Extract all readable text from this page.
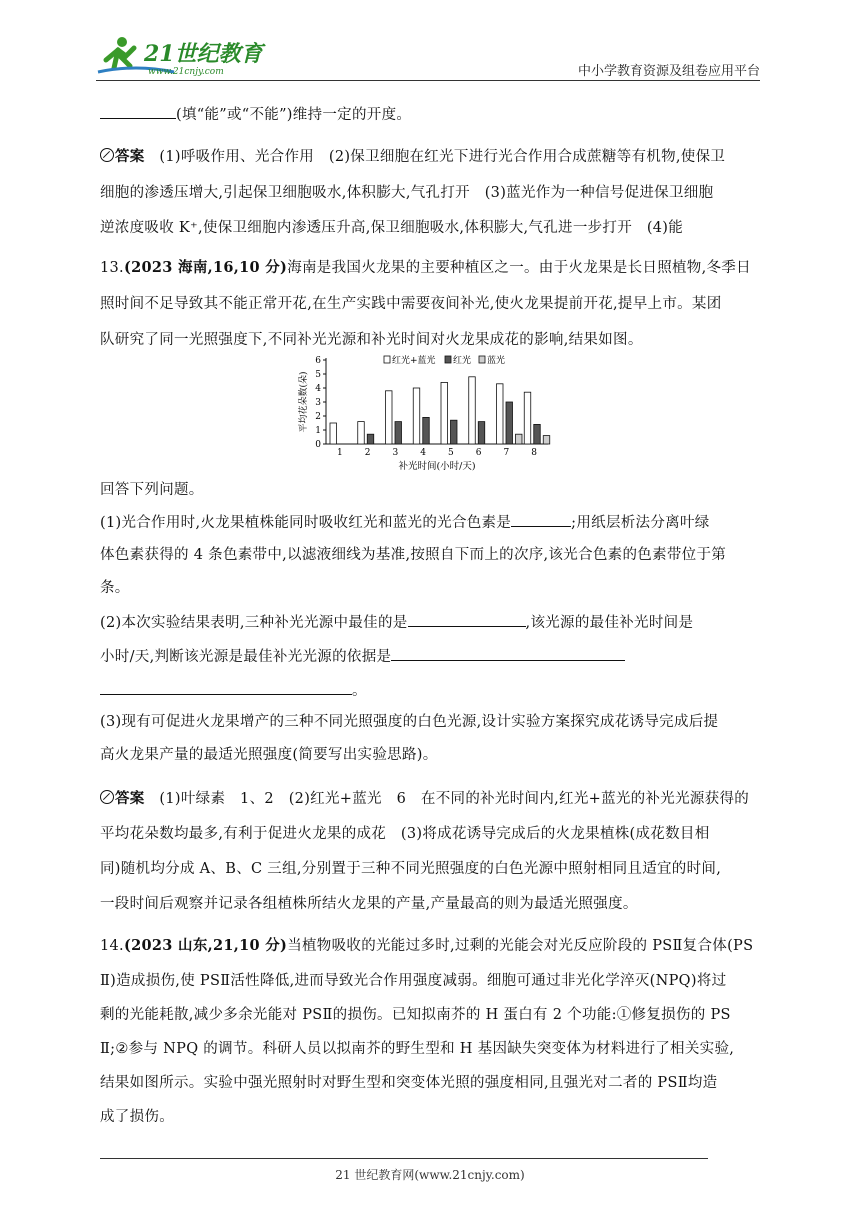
21世纪教育
www.21cnjy.com	中小学教育资源及组卷应用平台
(填“能”或“不能”)维持一定的开度。
答案　 (1)呼吸作用、光合作用　(2)保卫细胞在红光下进行光合作用合成蔗糖等有机物,使保卫
细胞的渗透压增大,引起保卫细胞吸水,体积膨大,气孔打开　(3)蓝光作为一种信号促进保卫细胞
逆浓度吸收 K⁺,使保卫细胞内渗透压升高,保卫细胞吸水,体积膨大,气孔进一步打开　(4)能
13.(2023 海南,16,10 分)海南是我国火龙果的主要种植区之一。由于火龙果是长日照植物,冬季日
照时间不足导致其不能正常开花,在生产实践中需要夜间补光,使火龙果提前开花,提早上市。某团
队研究了同一光照强度下,不同补光光源和补光时间对火龙果成花的影响,结果如图。
0
1
2
3
4
5
6
平均花朵数(朵)
补光时间(小时/天)
1 2 3 4 5 6 7 8
红光+蓝光 红光 蓝光
回答下列问题。
(1)光合作用时,火龙果植株能同时吸收红光和蓝光的光合色素是	;用纸层析法分离叶绿
体色素获得的 4 条色素带中,以滤液细线为基准,按照自下而上的次序,该光合色素的色素带位于第
条。
(2)本次实验结果表明,三种补光光源中最佳的是	,该光源的最佳补光时间是
小时/天,判断该光源是最佳补光光源的依据是
。
(3)现有可促进火龙果增产的三种不同光照强度的白色光源,设计实验方案探究成花诱导完成后提
高火龙果产量的最适光照强度(简要写出实验思路)。
答案　 (1)叶绿素　1、2　(2)红光+蓝光　6　在不同的补光时间内,红光+蓝光的补光光源获得的
平均花朵数均最多,有利于促进火龙果的成花　(3)将成花诱导完成后的火龙果植株(成花数目相
同)随机均分成 A、B、C 三组,分别置于三种不同光照强度的白色光源中照射相同且适宜的时间,
一段时间后观察并记录各组植株所结火龙果的产量,产量最高的则为最适光照强度。
14.(2023 山东,21,10 分)当植物吸收的光能过多时,过剩的光能会对光反应阶段的 PSⅡ复合体(PS
Ⅱ)造成损伤,使 PSⅡ活性降低,进而导致光合作用强度减弱。细胞可通过非光化学淬灭(NPQ)将过
剩的光能耗散,减少多余光能对 PSⅡ的损伤。已知拟南芥的 H 蛋白有 2 个功能:①修复损伤的 PS
Ⅱ;②参与 NPQ 的调节。科研人员以拟南芥的野生型和 H 基因缺失突变体为材料进行了相关实验,
结果如图所示。实验中强光照射时对野生型和突变体光照的强度相同,且强光对二者的 PSⅡ均造
成了损伤。
21 世纪教育网(www.21cnjy.com)
